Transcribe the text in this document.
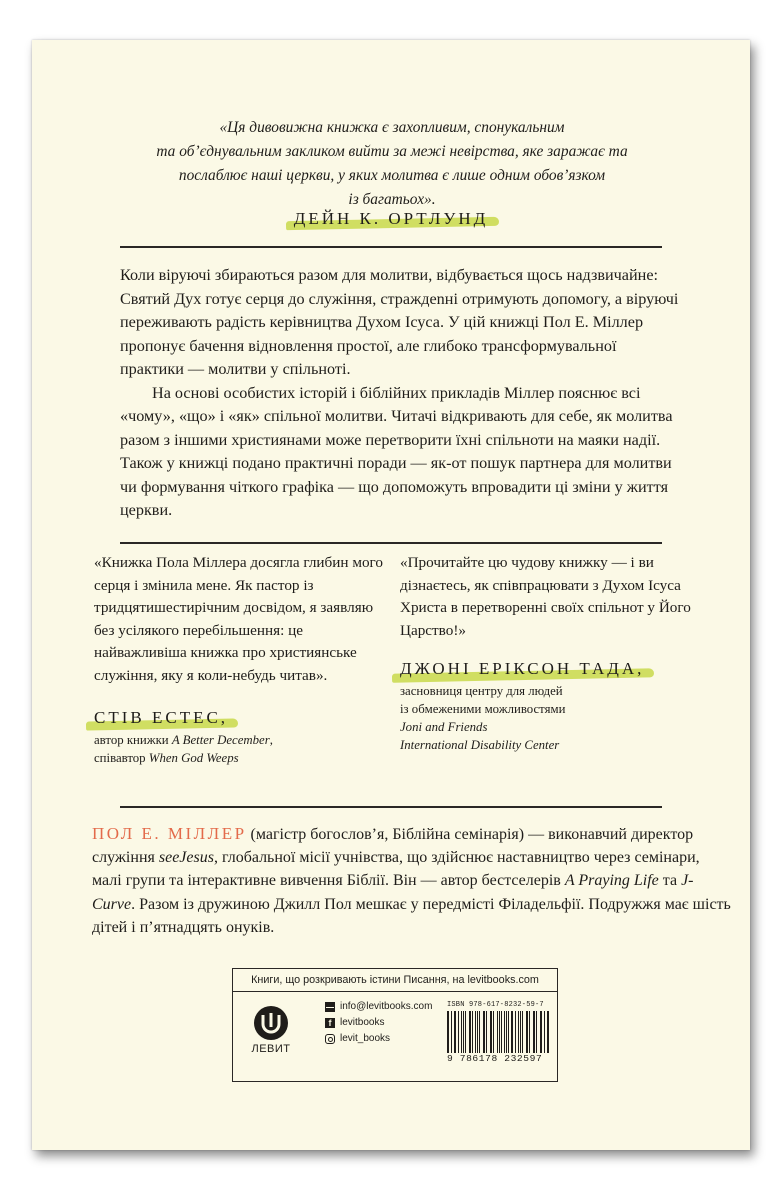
«Ця дивовижна книжка є захопливим, спонукальним
та об’єднувальним закликом вийти за межі невірства, яке заражає та
послаблює наші церкви, у яких молитва є лише одним обов’язком
із багатьох».
ДЕЙН К. ОРТЛУНД

Коли віруючі збираються разом для молитви, відбувається щось надзвичайне: Святий Дух готує серця до служіння, страждenні отримують допомогу, а віруючі переживають радість керівництва Духом Ісуса. У цій книжці Пол Е. Міллер пропонує бачення відновлення простої, але глибоко трансформувальної практики — молитви у спільноті.

На основі особистих історій і біблійних прикладів Міллер пояснює всі «чому», «що» і «як» спільної молитви. Читачі відкривають для себе, як молитва разом з іншими християнами може перетворити їхні спільноти на маяки надії. Також у книжці подано практичні поради — як-от пошук партнера для молитви чи формування чіткого графіка — що допоможуть впровадити ці зміни у життя церкви.

«Книжка Пола Міллера досягла глибин мого серця і змінила мене. Як пастор із тридцятишестирічним досвідом, я заявляю без усілякого перебільшення: це найважливіша книжка про християнське служіння, яку я коли-небудь читав».

СТІВ ЕСТЕС,
автор книжки A Better December,
співавтор When God Weeps

«Прочитайте цю чудову книжку — і ви дізнаєтесь, як співпрацювати з Духом Ісуса Христа в перетворенні своїх спільнот у Його Царство!»

ДЖОНІ ЕРІКСОН ТАДА,
засновниця центру для людей
із обмеженими можливостями
Joni and Friends
International Disability Center
ПОЛ Е. МІЛЛЕР (магістр богослов’я, Біблійна семінарія) — виконавчий директор служіння seeJesus, глобальної місії учнівства, що здійснює наставництво через семінари, малі групи та інтерактивне вивчення Біблії. Він — автор бестселерів A Praying Life та J-Curve. Разом із дружиною Джилл Пол мешкає у передмісті Філадельфії. Подружжя має шість дітей і п’ятнадцять онуків.
Книги, що розкривають істини Писання, на levitbooks.com
ЛЕВИТ
info@levitbooks.com
f levitbooks
levit_books
ISBN 978-617-8232-59-7
9 786178 232597
